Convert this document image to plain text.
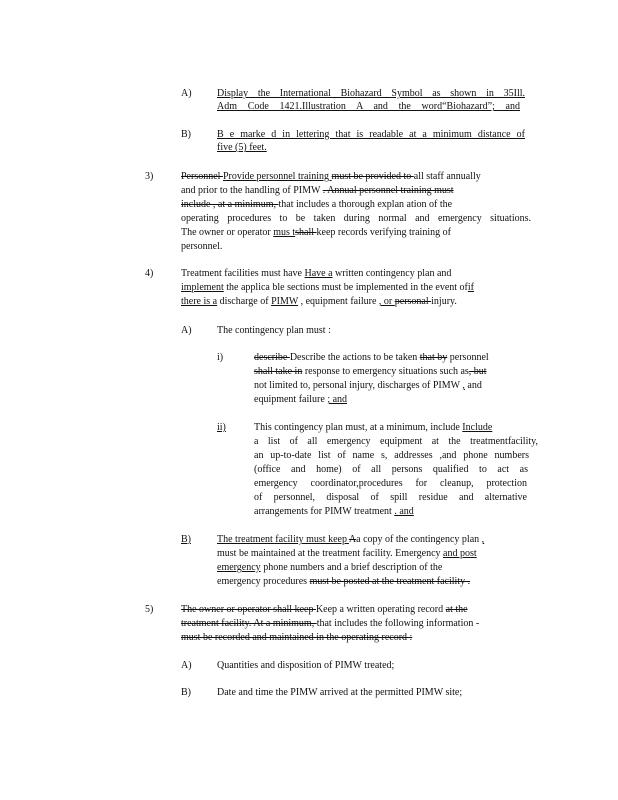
A)	Display the International Biohazard Symbol as shown in 35Ill.
Adm Code 1421.Illustration A and the word“Biohazard”; and
B)	B e marke d in lettering that is readable at a minimum distance of
five (5) feet.
3)	Personnel Provide personnel training must be provided to all staff annually
and prior to the handling of PIMW . Annual personnel training must
include , at a minimum, that includes a thorough explan ation of the
operating procedures to be taken during normal and emergency situations.
The owner or operator mus tshall keep records verifying training of
personnel.
4)	Treatment facilities must have Have a written contingency plan and
implement the applica ble sections must be implemented in the event ofif
there is a discharge of PIMW , equipment failure , or personal injury.
A)	The contingency plan must :
i)	describe Describe the actions to be taken that by personnel
shall take in response to emergency situations such as, but
not limited to, personal injury, discharges of PIMW , and
equipment failure ; and
ii)	This contingency plan must, at a minimum, include Include
a list of all emergency equipment at the treatmentfacility,
an up-to-date list of name s, addresses ,and phone numbers
(office and home) of all persons qualified to act as
emergency coordinator,procedures for cleanup, protection
of personnel, disposal of spill residue and alternative
arrangements for PIMW treatment . and
B)	The treatment facility must keep Aa copy of the contingency plan ,
must be maintained at the treatment facility. Emergency and post
emergency phone numbers and a brief description of the
emergency procedures must be posted at the treatment facility .
5)	The owner or operator shall keep Keep a written operating record at the
treatment facility. At a minimum, that includes the following information -
must be recorded and maintained in the operating record :
A)	Quantities and disposition of PIMW treated;
B)	Date and time the PIMW arrived at the permitted PIMW site;
